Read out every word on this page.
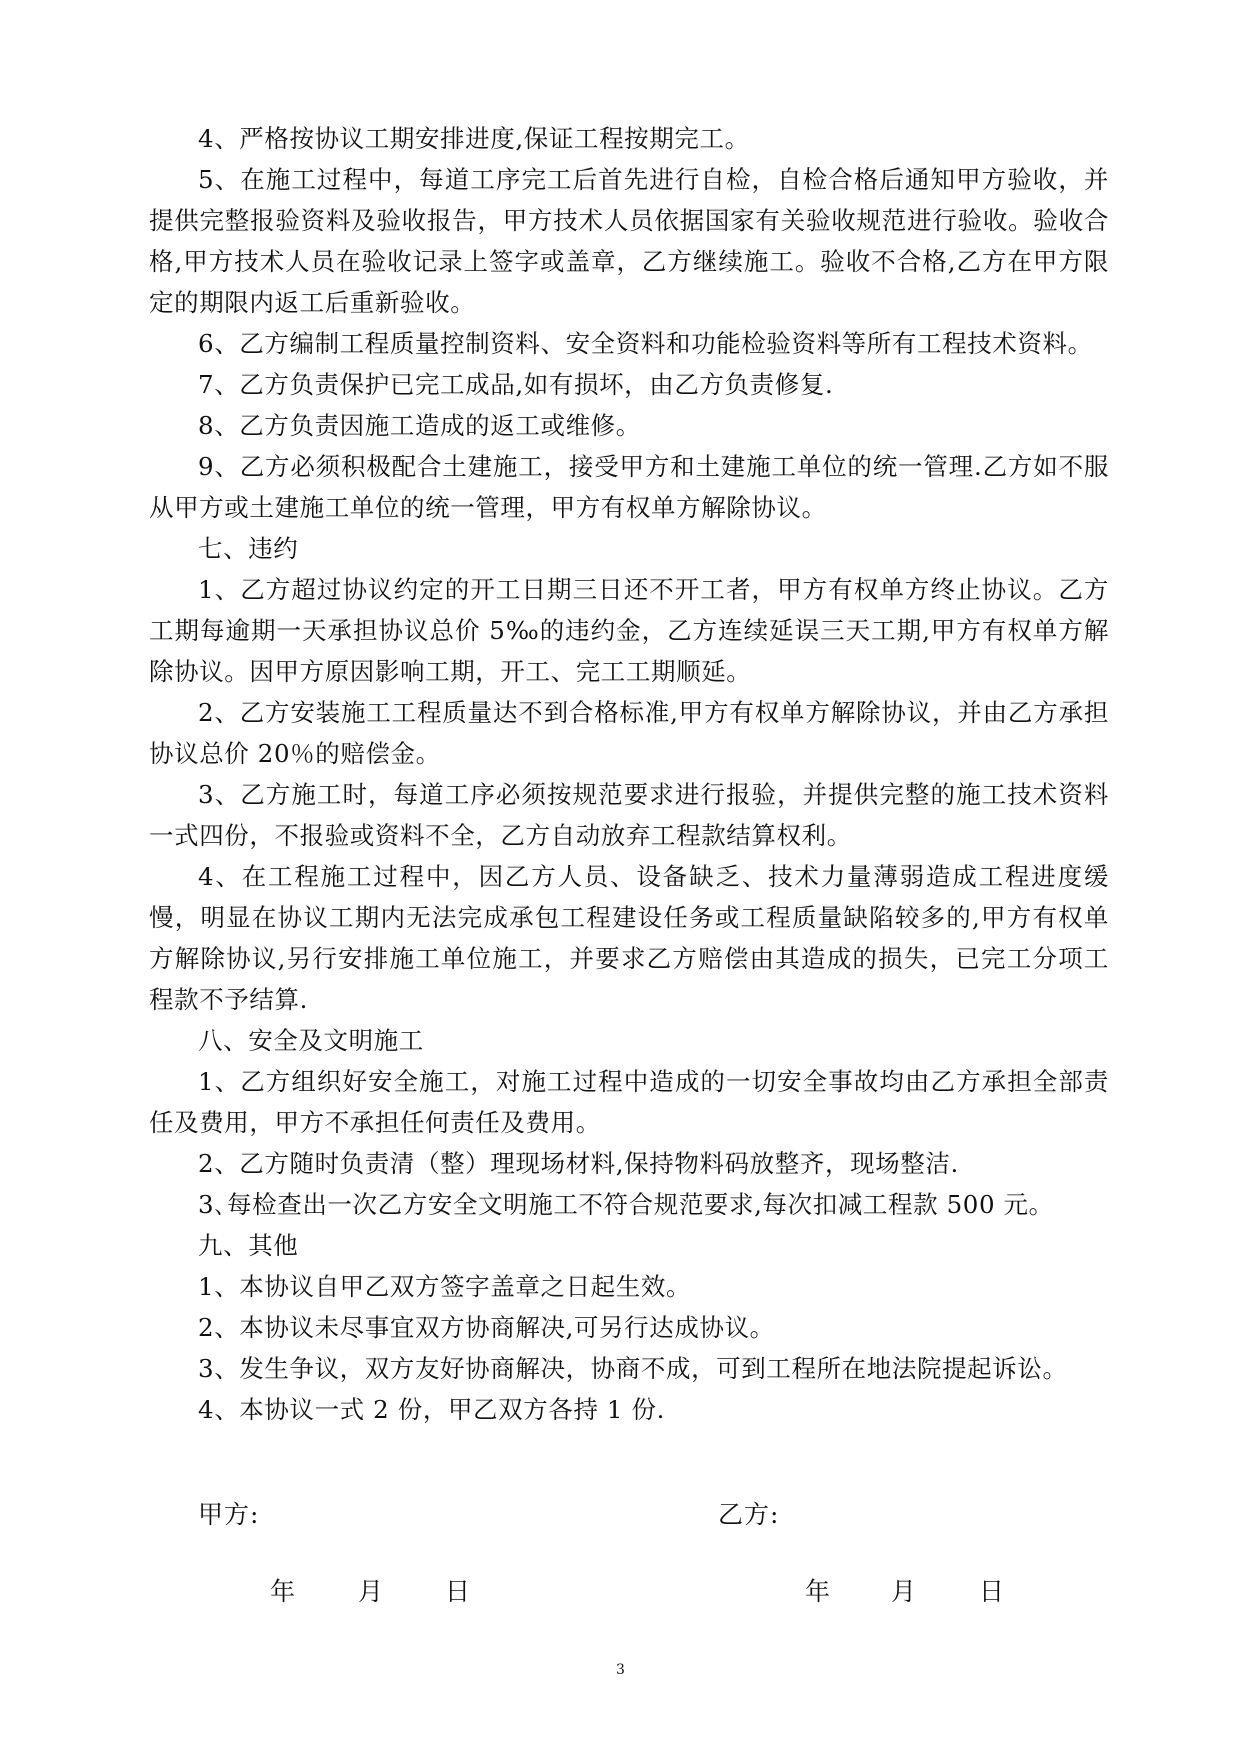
4、严格按协议工期安排进度,保证工程按期完工。

5、在施工过程中，每道工序完工后首先进行自检，自检合格后通知甲方验收，并提供完整报验资料及验收报告，甲方技术人员依据国家有关验收规范进行验收。验收合格,甲方技术人员在验收记录上签字或盖章，乙方继续施工。验收不合格,乙方在甲方限定的期限内返工后重新验收。

6、乙方编制工程质量控制资料、安全资料和功能检验资料等所有工程技术资料。

7、乙方负责保护已完工成品,如有损坏，由乙方负责修复.

8、乙方负责因施工造成的返工或维修。

9、乙方必须积极配合土建施工，接受甲方和土建施工单位的统一管理.乙方如不服从甲方或土建施工单位的统一管理，甲方有权单方解除协议。

七、违约

1、乙方超过协议约定的开工日期三日还不开工者，甲方有权单方终止协议。乙方工期每逾期一天承担协议总价 5‰的违约金，乙方连续延误三天工期,甲方有权单方解除协议。因甲方原因影响工期，开工、完工工期顺延。

2、乙方安装施工工程质量达不到合格标准,甲方有权单方解除协议，并由乙方承担协议总价 20％的赔偿金。

3、乙方施工时，每道工序必须按规范要求进行报验，并提供完整的施工技术资料一式四份，不报验或资料不全，乙方自动放弃工程款结算权利。

4、在工程施工过程中，因乙方人员、设备缺乏、技术力量薄弱造成工程进度缓慢，明显在协议工期内无法完成承包工程建设任务或工程质量缺陷较多的,甲方有权单方解除协议,另行安排施工单位施工，并要求乙方赔偿由其造成的损失，已完工分项工程款不予结算.

八、安全及文明施工

1、乙方组织好安全施工，对施工过程中造成的一切安全事故均由乙方承担全部责任及费用，甲方不承担任何责任及费用。

2、乙方随时负责清（整）理现场材料,保持物料码放整齐，现场整洁.

3､每检查出一次乙方安全文明施工不符合规范要求,每次扣减工程款 500 元。

九、其他

1、本协议自甲乙双方签字盖章之日起生效。

2、本协议未尽事宜双方协商解决,可另行达成协议。

3、发生争议，双方友好协商解决，协商不成，可到工程所在地法院提起诉讼。

4、本协议一式 2 份，甲乙双方各持 1 份.

甲方:	乙方:
年	月 日	年 月	日
3
